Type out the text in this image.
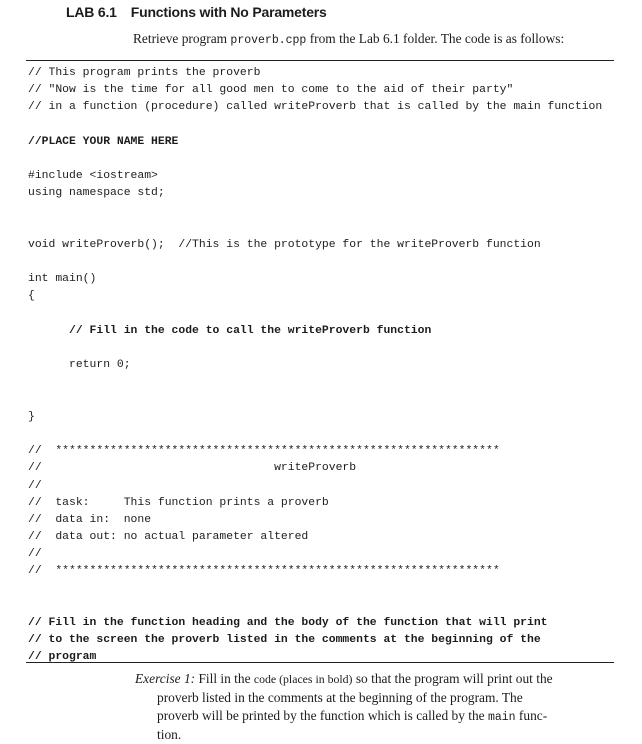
LAB 6.1 Functions with No Parameters
Retrieve program proverb.cpp from the Lab 6.1 folder. The code is as follows:
// This program prints the proverb
// "Now is the time for all good men to come to the aid of their party"
// in a function (procedure) called writeProverb that is called by the main function
//PLACE YOUR NAME HERE
#include <iostream>
using namespace std;
void writeProverb();  //This is the prototype for the writeProverb function
int main()
{
// Fill in the code to call the writeProverb function
return 0;
}
//  *****************************************************************
//                                  writeProverb
//
//  task:     This function prints a proverb
//  data in:  none
//  data out: no actual parameter altered
//
//  *****************************************************************
// Fill in the function heading and the body of the function that will print
// to the screen the proverb listed in the comments at the beginning of the
// program
Exercise 1: Fill in the code (places in bold) so that the program will print out the
proverb listed in the comments at the beginning of the program. The
proverb will be printed by the function which is called by the main func-
tion.
